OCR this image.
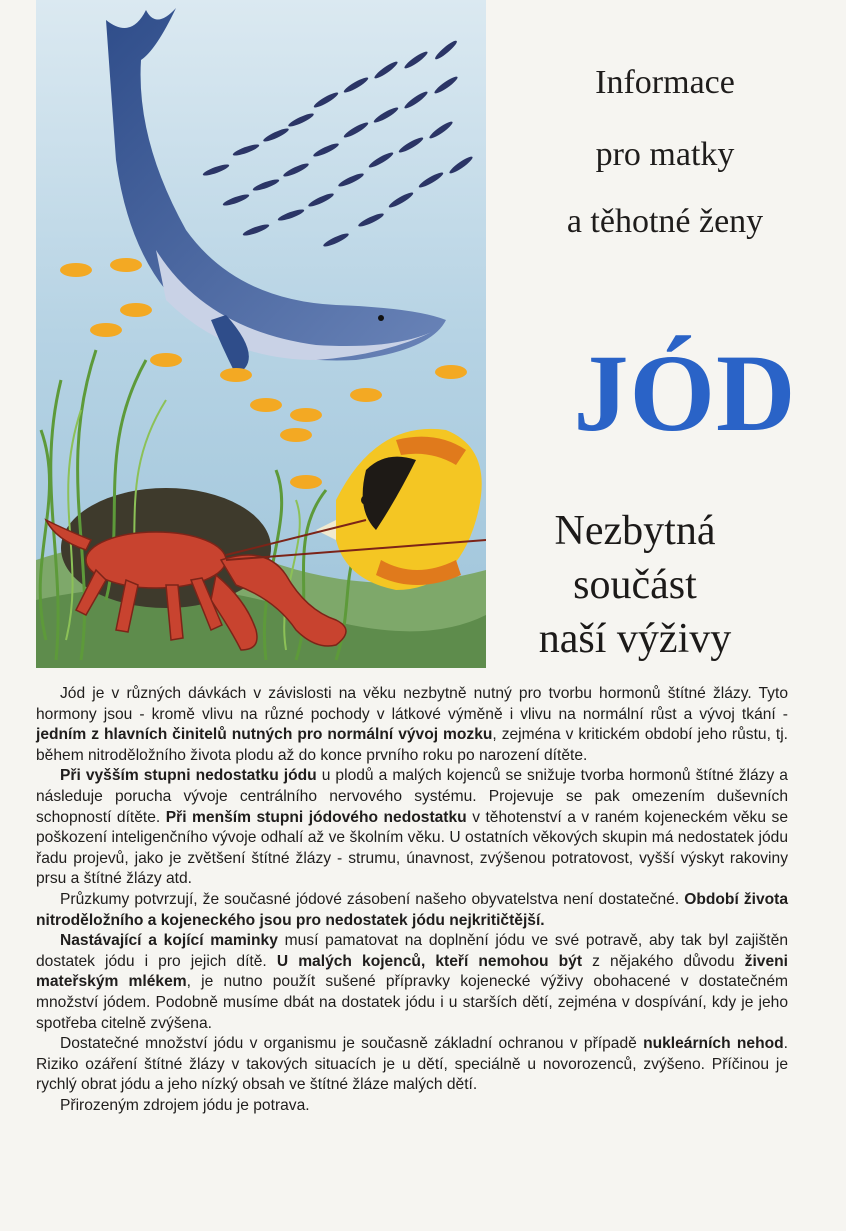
Informace
pro matky
a těhotné ženy
JÓD
Nezbytná
součást
naší výživy

Jód je v různých dávkách v závislosti na věku nezbytně nutný pro tvorbu hormonů štítné žlázy. Tyto hormony jsou - kromě vlivu na různé pochody v látkové výměně i vlivu na normální růst a vývoj tkání - jedním z hlavních činitelů nutných pro normální vývoj mozku, zejména v kritickém období jeho růstu, tj. během nitroděložního života plodu až do konce prvního roku po narození dítěte.

Při vyšším stupni nedostatku jódu u plodů a malých kojenců se snižuje tvorba hormonů štítné žlázy a následuje porucha vývoje centrálního nervového systému. Projevuje se pak omezením duševních schopností dítěte. Při menším stupni jódového nedostatku v těhotenství a v raném kojeneckém věku se poškození inteligenčního vývoje odhalí až ve školním věku. U ostatních věkových skupin má nedostatek jódu řadu projevů, jako je zvětšení štítné žlázy - strumu, únavnost, zvýšenou potratovost, vyšší výskyt rakoviny prsu a štítné žlázy atd.

Průzkumy potvrzují, že současné jódové zásobení našeho obyvatelstva není dostatečné. Období života nitroděložního a kojeneckého jsou pro nedostatek jódu nejkritičtější.

Nastávající a kojící maminky musí pamatovat na doplnění jódu ve své potravě, aby tak byl zajištěn dostatek jódu i pro jejich dítě. U malých kojenců, kteří nemohou být z nějakého důvodu živeni mateřským mlékem, je nutno použít sušené přípravky kojenecké výživy obohacené v dostatečném množství jódem. Podobně musíme dbát na dostatek jódu i u starších dětí, zejména v dospívání, kdy je jeho spotřeba citelně zvýšena.

Dostatečné množství jódu v organismu je současně základní ochranou v případě nukleárních nehod. Riziko ozáření štítné žlázy v takových situacích je u dětí, speciálně u novorozenců, zvýšeno. Příčinou je rychlý obrat jódu a jeho nízký obsah ve štítné žláze malých dětí.

Přirozeným zdrojem jódu je potrava.
